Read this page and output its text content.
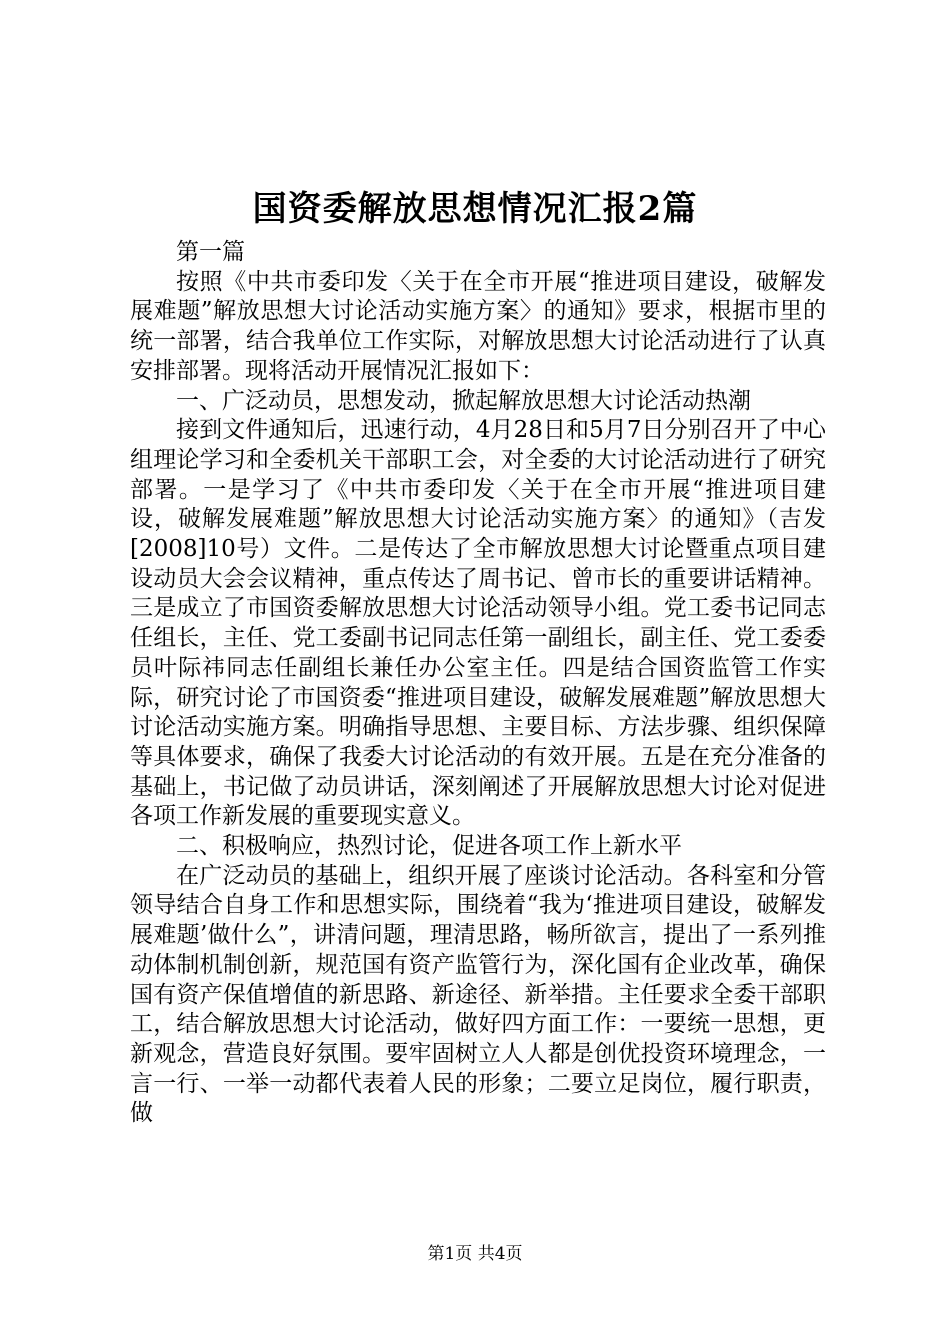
国资委解放思想情况汇报2篇

第一篇

按照《中共市委印发〈关于在全市开展“推进项目建设，破解发展难题”解放思想大讨论活动实施方案〉的通知》要求，根据市里的统一部署，结合我单位工作实际，对解放思想大讨论活动进行了认真安排部署。现将活动开展情况汇报如下：

一、广泛动员，思想发动，掀起解放思想大讨论活动热潮

接到文件通知后，迅速行动，4月28日和5月7日分别召开了中心组理论学习和全委机关干部职工会，对全委的大讨论活动进行了研究部署。一是学习了《中共市委印发〈关于在全市开展“推进项目建设，破解发展难题”解放思想大讨论活动实施方案〉的通知》（吉发[2008]10号）文件。二是传达了全市解放思想大讨论暨重点项目建设动员大会会议精神，重点传达了周书记、曾市长的重要讲话精神。三是成立了市国资委解放思想大讨论活动领导小组。党工委书记同志任组长，主任、党工委副书记同志任第一副组长，副主任、党工委委员叶际祎同志任副组长兼任办公室主任。四是结合国资监管工作实际，研究讨论了市国资委“推进项目建设，破解发展难题”解放思想大讨论活动实施方案。明确指导思想、主要目标、方法步骤、组织保障等具体要求，确保了我委大讨论活动的有效开展。五是在充分准备的基础上，书记做了动员讲话，深刻阐述了开展解放思想大讨论对促进各项工作新发展的重要现实意义。

二、积极响应，热烈讨论，促进各项工作上新水平

在广泛动员的基础上，组织开展了座谈讨论活动。各科室和分管领导结合自身工作和思想实际，围绕着“我为‘推进项目建设，破解发展难题’做什么”，讲清问题，理清思路，畅所欲言，提出了一系列推动体制机制创新，规范国有资产监管行为，深化国有企业改革，确保国有资产保值增值的新思路、新途径、新举措。主任要求全委干部职工，结合解放思想大讨论活动，做好四方面工作：一要统一思想，更新观念，营造良好氛围。要牢固树立人人都是创优投资环境理念，一言一行、一举一动都代表着人民的形象；二要立足岗位，履行职责，做

第1页 共4页
